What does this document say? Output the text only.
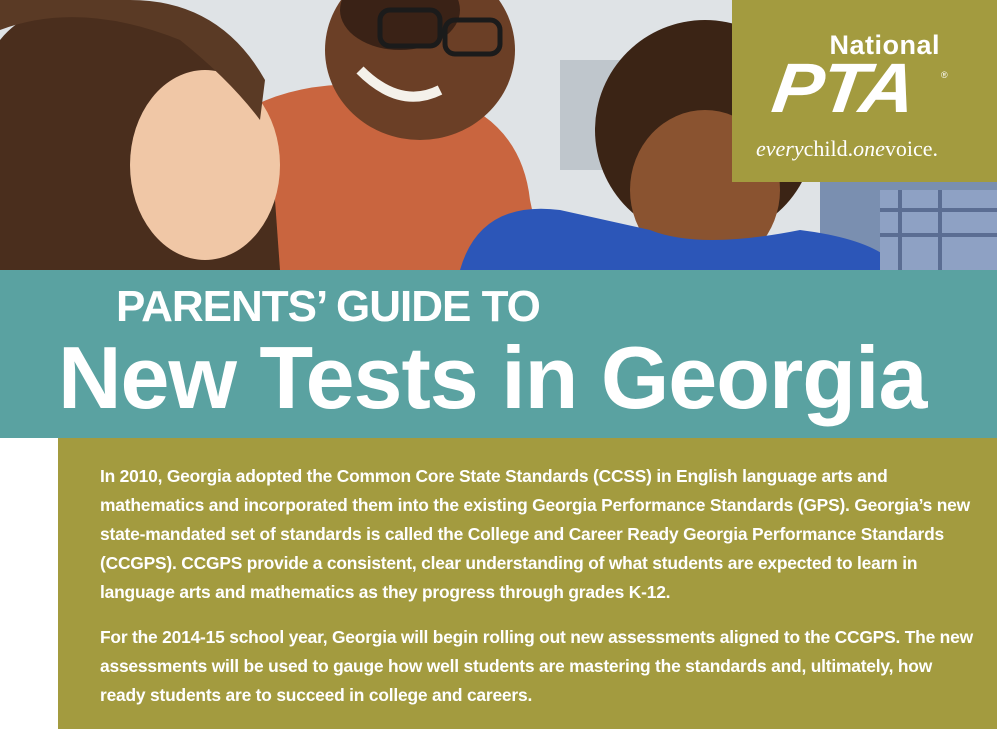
National
PTA ®
everychild.onevoice.
PARENTS’ GUIDE TO
New Tests in Georgia

In 2010, Georgia adopted the Common Core State Standards (CCSS) in English language arts and mathematics and incorporated them into the existing Georgia Performance Standards (GPS). Georgia’s new state-mandated set of standards is called the College and Career Ready Georgia Performance Standards (CCGPS). CCGPS provide a consistent, clear understanding of what students are expected to learn in language arts and mathematics as they progress through grades K-12.

For the 2014-15 school year, Georgia will begin rolling out new assessments aligned to the CCGPS. The new assessments will be used to gauge how well students are mastering the standards and, ultimately, how ready students are to succeed in college and careers.
